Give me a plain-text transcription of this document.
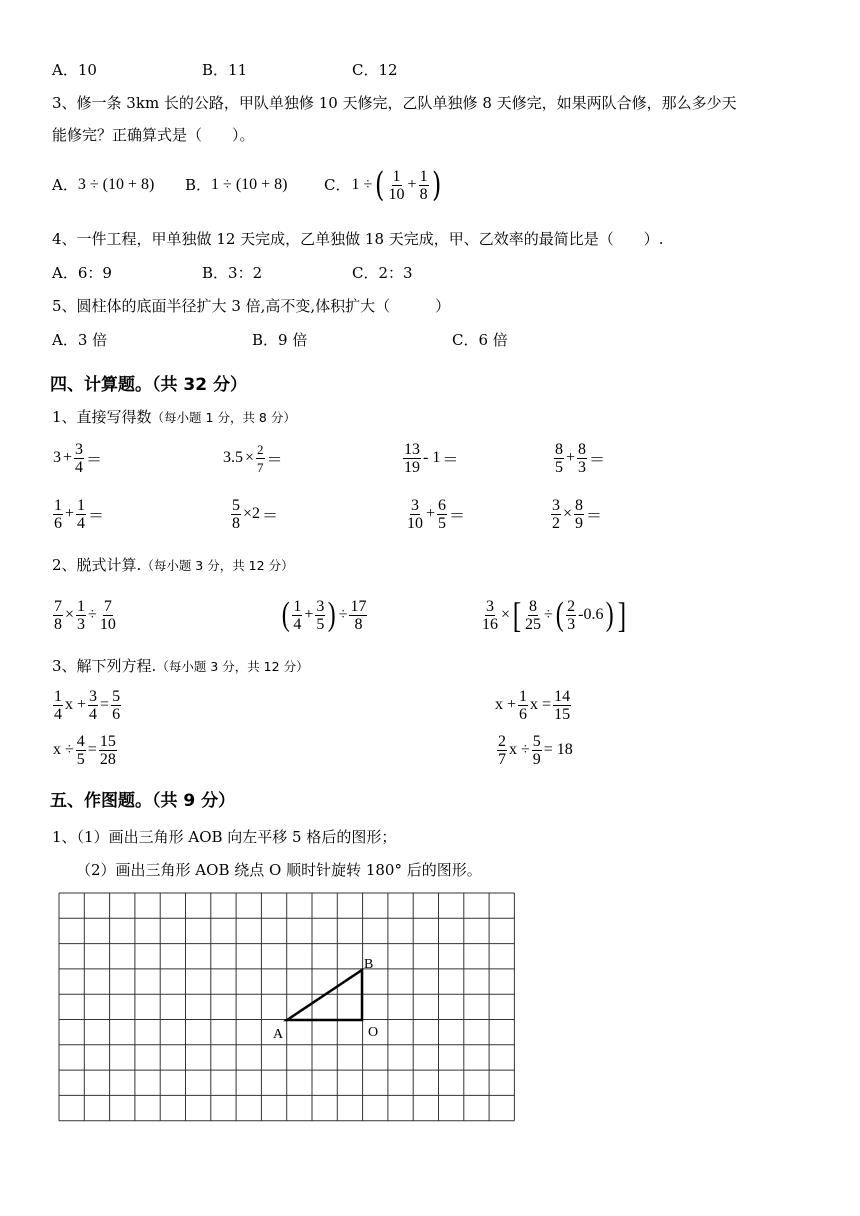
A．10	B．11	C．12
3、修一条 3km 长的公路，甲队单独修 10 天修完，乙队单独修 8 天修完，如果两队合修，那么多少天
能修完？正确算式是（　　）。
A． 3 ÷ (10 + 8) B． 1 ÷ (10 + 8) C． 1 ÷ ( $\frac{1}{10} + \frac{1}{8}$ )
4、一件工程，甲单独做 12 天完成，乙单独做 18 天完成，甲、乙效率的最简比是（　　）.
A．6：9	B．3：2	C．2：3
5、圆柱体的底面半径扩大 3 倍,高不变,体积扩大（　　　）
A．3 倍	B．9 倍	C．6 倍
四、计算题。（共 32 分）
1、直接写得数 （每小题 1 分，共 8 分）
$3 + \frac{3}{4}$ ＝	$3.5 \times \frac{2}{7}$ ＝	$\frac{13}{19} - 1$ ＝	$\frac{8}{5} + \frac{8}{3}$ ＝
$\frac{1}{6} + \frac{1}{4}$ ＝	$\frac{5}{8} \times 2$ ＝	$\frac{3}{10} + \frac{6}{5}$ ＝	$\frac{3}{2} \times \frac{8}{9}$ ＝
2、脱式计算. （每小题 3 分，共 12 分）
$\frac{7}{8} \times \frac{1}{3} \div \frac{7}{10}$	( $\frac{1}{4} + \frac{3}{5}$ ) ÷ $\frac{17}{8}$	$\frac{3}{16}$ × [ $\frac{8}{25}$ ÷ ( $\frac{2}{3} -0.6$ ) ]
3、解下列方程. （每小题 3 分，共 12 分）
$\frac{1}{4}$ $x + \frac{3}{4} = \frac{5}{6}$	$x + \frac{1}{6}$ $x = \frac{14}{15}$
$x \div \frac{4}{5} = \frac{15}{28}$	$\frac{2}{7}$ $x \div \frac{5}{9} = 18$
五、作图题。（共 9 分）
1、（1）画出三角形 AOB 向左平移 5 格后的图形；
（2）画出三角形 AOB 绕点 O 顺时针旋转 180° 后的图形。
A	O
B
